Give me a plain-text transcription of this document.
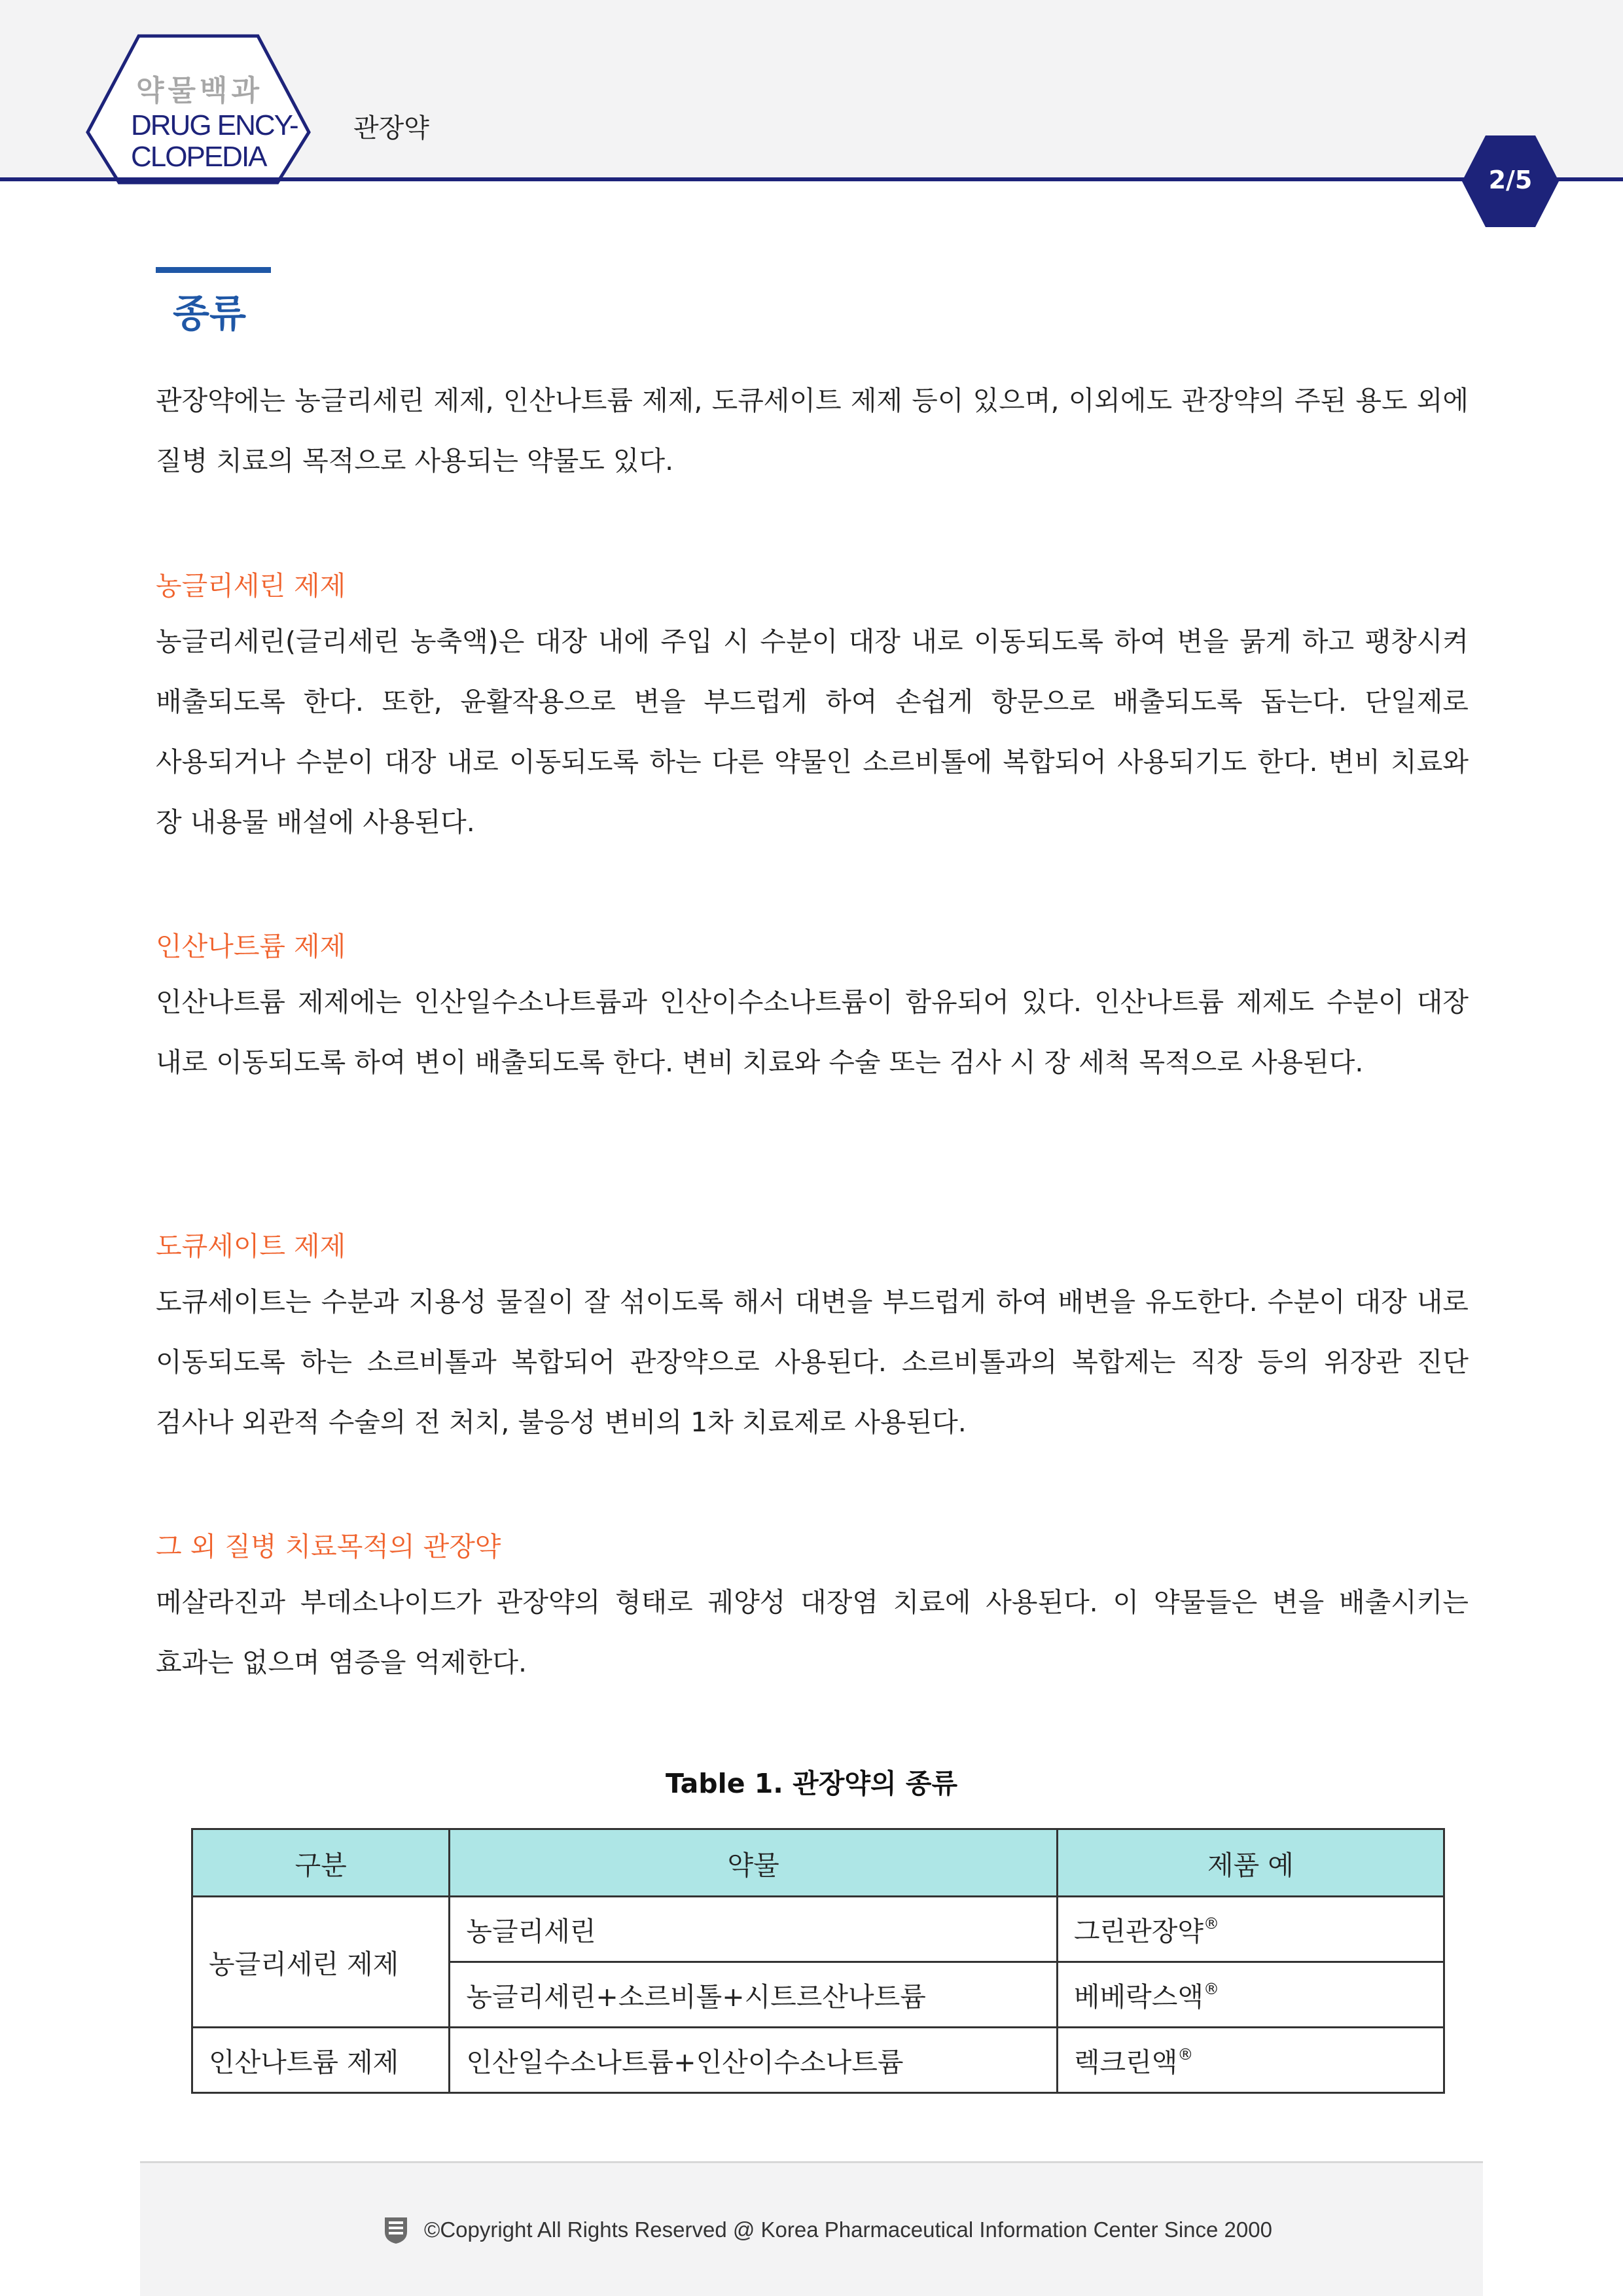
약물백과
DRUG ENCY-
CLOPEDIA
관장약
2/5
종류

관장약에는 농글리세린 제제, 인산나트륨 제제, 도큐세이트 제제 등이 있으며, 이외에도 관장약의 주된 용도 외에 질병 치료의 목적으로 사용되는 약물도 있다.

농글리세린 제제

농글리세린(글리세린 농축액)은 대장 내에 주입 시 수분이 대장 내로 이동되도록 하여 변을 묽게 하고 팽창시켜 배출되도록 한다. 또한, 윤활작용으로 변을 부드럽게 하여 손쉽게 항문으로 배출되도록 돕는다. 단일제로 사용되거나 수분이 대장 내로 이동되도록 하는 다른 약물인 소르비톨에 복합되어 사용되기도 한다. 변비 치료와 장 내용물 배설에 사용된다.

인산나트륨 제제

인산나트륨 제제에는 인산일수소나트륨과 인산이수소나트륨이 함유되어 있다. 인산나트륨 제제도 수분이 대장 내로 이동되도록 하여 변이 배출되도록 한다. 변비 치료와 수술 또는 검사 시 장 세척 목적으로 사용된다.

도큐세이트 제제

도큐세이트는 수분과 지용성 물질이 잘 섞이도록 해서 대변을 부드럽게 하여 배변을 유도한다. 수분이 대장 내로 이동되도록 하는 소르비톨과 복합되어 관장약으로 사용된다. 소르비톨과의 복합제는 직장 등의 위장관 진단 검사나 외관적 수술의 전 처치, 불응성 변비의 1차 치료제로 사용된다.

그 외 질병 치료목적의 관장약

메살라진과 부데소나이드가 관장약의 형태로 궤양성 대장염 치료에 사용된다. 이 약물들은 변을 배출시키는 효과는 없으며 염증을 억제한다.

Table 1. 관장약의 종류
구분	약물	제품 예
농글리세린 제제	농글리세린	그린관장약®
	농글리세린+소르비톨+시트르산나트륨	베베락스액®
인산나트륨 제제	인산일수소나트륨+인산이수소나트륨	렉크린액®
©Copyright All Rights Reserved @ Korea Pharmaceutical Information Center Since 2000
